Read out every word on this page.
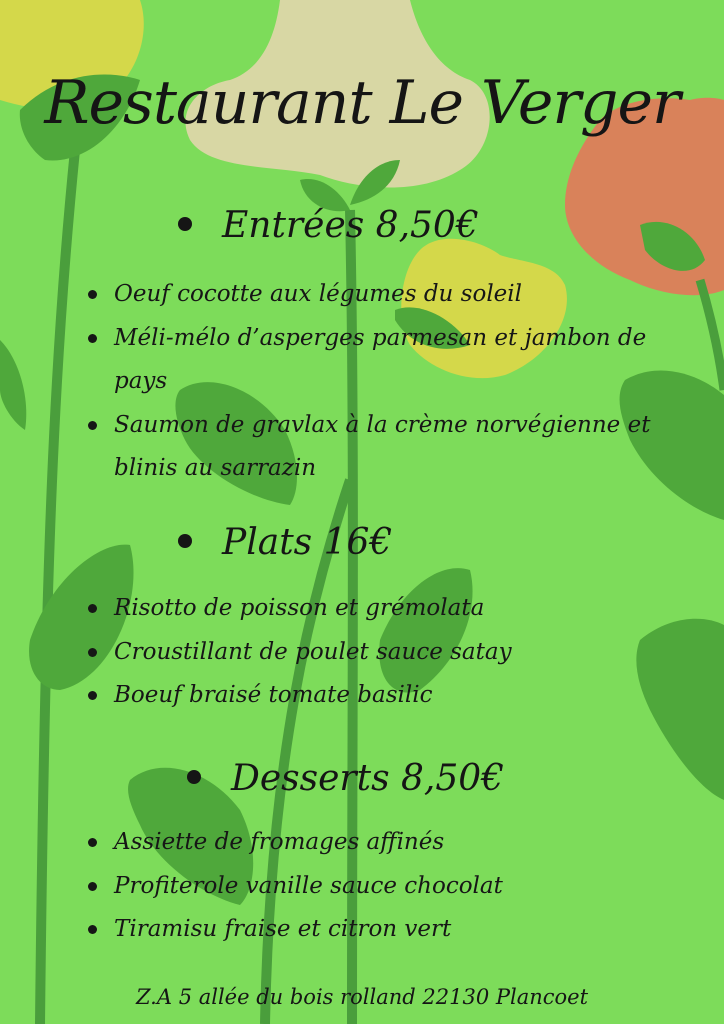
Restaurant Le Verger
Entrées 8,50€
Oeuf cocotte aux légumes du soleil
Méli-mélo d’asperges parmesan et jambon de pays
Saumon de gravlax à la crème norvégienne et blinis au sarrazin
Plats 16€
Risotto de poisson et grémolata
Croustillant de poulet sauce satay
Boeuf braisé tomate basilic
Desserts 8,50€
Assiette de fromages affinés
Profiterole vanille sauce chocolat
Tiramisu fraise et citron vert
Z.A 5 allée du bois rolland 22130 Plancoet
